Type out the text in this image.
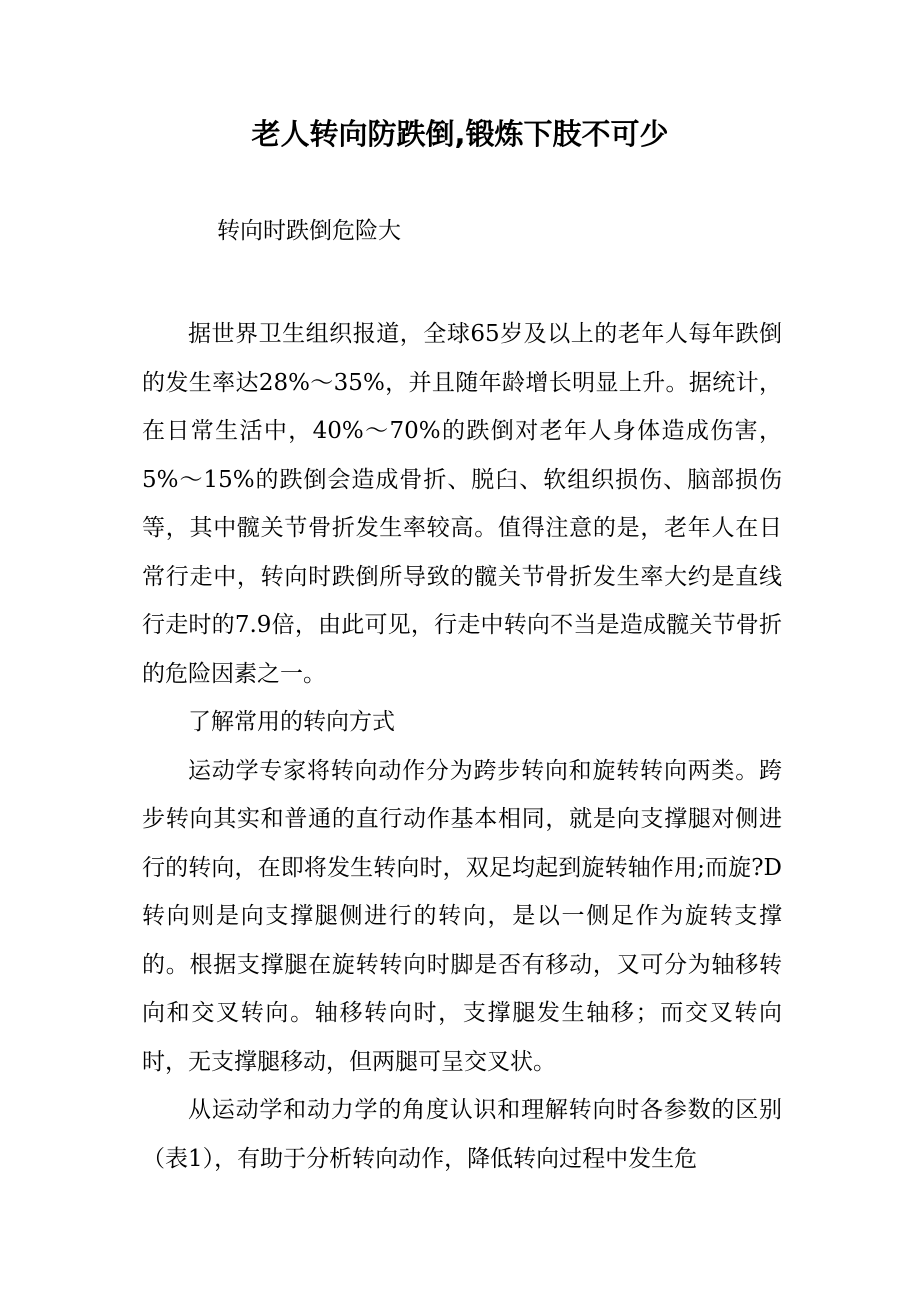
老人转向防跌倒,锻炼下肢不可少
转向时跌倒危险大

据世界卫生组织报道，全球65岁及以上的老年人每年跌倒的发生率达28%～35%，并且随年龄增长明显上升。据统计，在日常生活中，40%～70%的跌倒对老年人身体造成伤害，5%～15%的跌倒会造成骨折、脱臼、软组织损伤、脑部损伤等，其中髋关节骨折发生率较高。值得注意的是，老年人在日常行走中，转向时跌倒所导致的髋关节骨折发生率大约是直线行走时的7.9倍，由此可见，行走中转向不当是造成髋关节骨折的危险因素之一。

了解常用的转向方式

运动学专家将转向动作分为跨步转向和旋转转向两类。跨步转向其实和普通的直行动作基本相同，就是向支撑腿对侧进行的转向，在即将发生转向时，双足均起到旋转轴作用;而旋?D转向则是向支撑腿侧进行的转向，是以一侧足作为旋转支撑的。根据支撑腿在旋转转向时脚是否有移动，又可分为轴移转向和交叉转向。轴移转向时，支撑腿发生轴移；而交叉转向时，无支撑腿移动，但两腿可呈交叉状。

从运动学和动力学的角度认识和理解转向时各参数的区别（表1），有助于分析转向动作，降低转向过程中发生危
